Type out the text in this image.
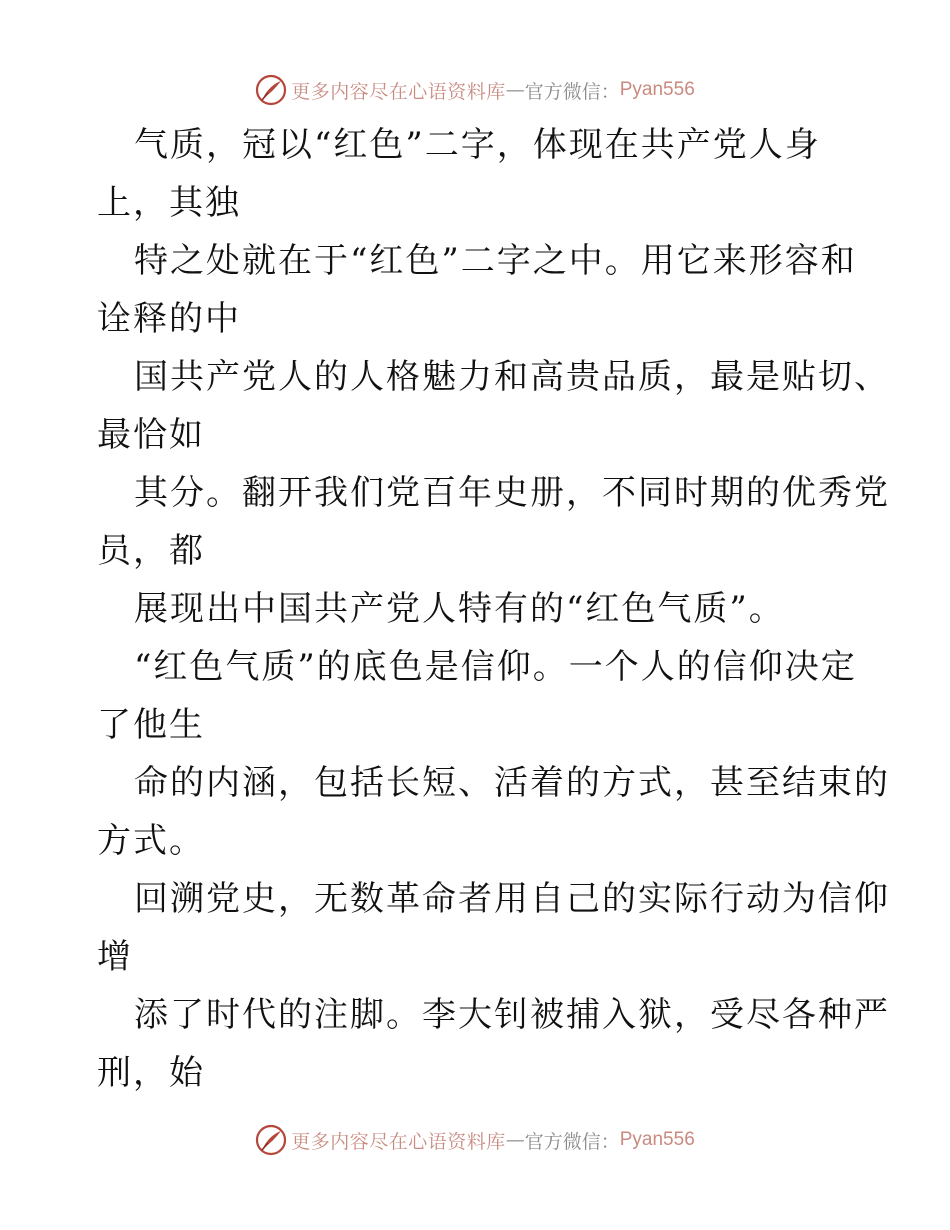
更多内容尽在心语资料库 — 官方微信： Pyan556
气质，冠以“红色”二字，体现在共产党人身
上，其独
特之处就在于“红色”二字之中。用它来形容和
诠释的中
国共产党人的人格魅力和高贵品质，最是贴切、
最恰如
其分。翻开我们党百年史册，不同时期的优秀党
员，都
展现出中国共产党人特有的“红色气质”。
“红色气质”的底色是信仰。一个人的信仰决定
了他生
命的内涵，包括长短、活着的方式，甚至结束的
方式。
回溯党史，无数革命者用自己的实际行动为信仰
增
添了时代的注脚。李大钊被捕入狱，受尽各种严
刑，始
更多内容尽在心语资料库 — 官方微信： Pyan556
